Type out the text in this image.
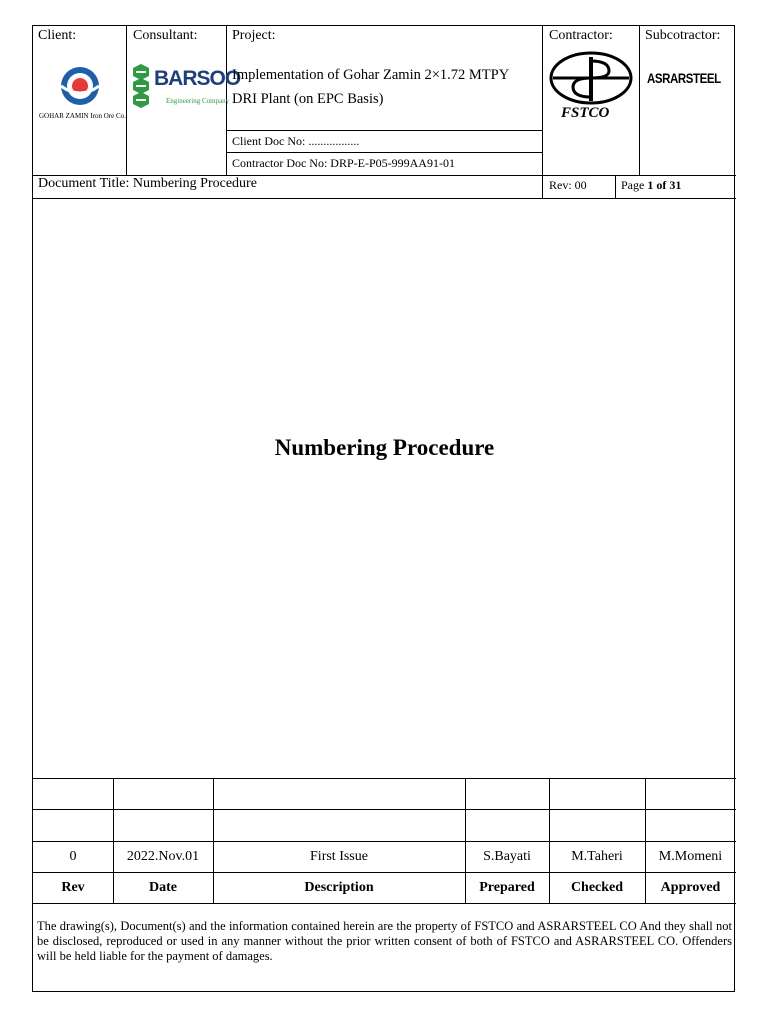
Client:	Consultant: Project:	Contractor: Subcotractor:
GOHAR ZAMIN Iron Ore Co.
BARSOO
Engineering Company
Implementation of Gohar Zamin 2×1.72 MTPY
DRI Plant (on EPC Basis)
Client Doc No: .................
Contractor Doc No: DRP-E-P05-999AA91-01
FSTCO
ASRARSTEEL
Document Title: Numbering Procedure	Rev: 00	Page 1 of 31
Numbering Procedure
0	2022.Nov.01	First Issue	S.Bayati	M.Taheri	M.Momeni
Rev	Date	Description	Prepared	Checked	Approved
The drawing(s), Document(s) and the information contained herein are the property of FSTCO and ASRARSTEEL CO And they shall not be disclosed, reproduced or used in any manner without the prior written consent of both of FSTCO and ASRARSTEEL CO. Offenders will be held liable for the payment of damages.
